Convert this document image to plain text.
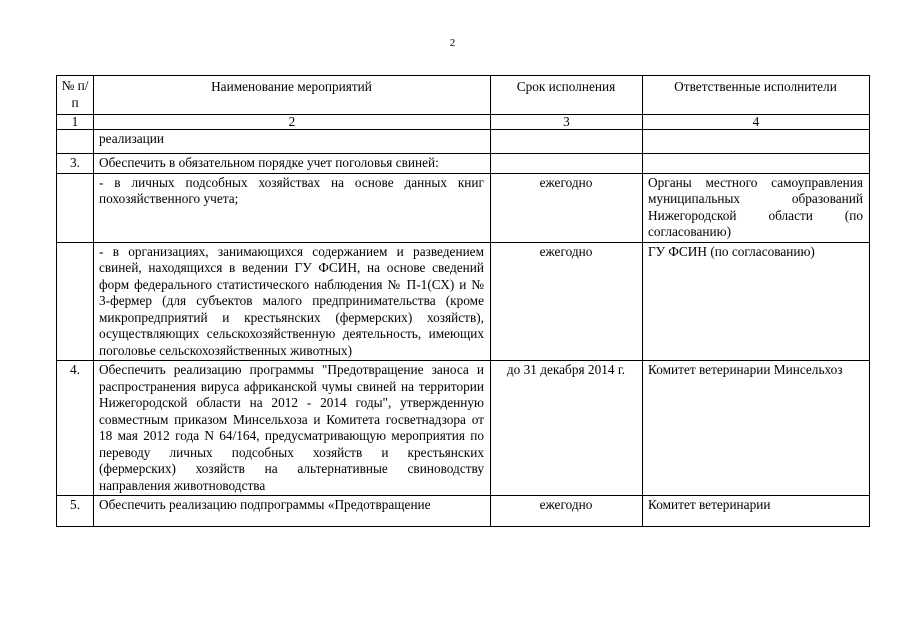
2
№ п/п	Наименование мероприятий	Срок исполнения	Ответственные исполнители
1	2	3	4
	реализации		
3.	Обеспечить в обязательном порядке учет поголовья свиней:		
	- в личных подсобных хозяйствах на основе данных книг похозяйственного учета;	ежегодно	Органы местного самоуправления муниципальных образований Нижегородской области (по согласованию)
	- в организациях, занимающихся содержанием и разведением свиней, находящихся в ведении ГУ ФСИН, на основе сведений форм федерального статистического наблюдения № П-1(СХ) и № 3-фермер (для субъектов малого предпринимательства (кроме микропредприятий и крестьянских (фермерских) хозяйств), осуществляющих сельскохозяйственную деятельность, имеющих поголовье сельскохозяйственных животных)	ежегодно	ГУ ФСИН (по согласованию)
4.	Обеспечить реализацию программы "Предотвращение заноса и распространения вируса африканской чумы свиней на территории Нижегородской области на 2012 - 2014 годы", утвержденную совместным приказом Минсельхоза и Комитета госветнадзора от 18 мая 2012 года N 64/164, предусматривающую мероприятия по переводу личных подсобных хозяйств и крестьянских (фермерских) хозяйств на альтернативные свиноводству направления животноводства	до 31 декабря 2014 г.	Комитет ветеринарии Минсельхоз
5.	Обеспечить реализацию подпрограммы «Предотвращение	ежегодно	Комитет ветеринарии
